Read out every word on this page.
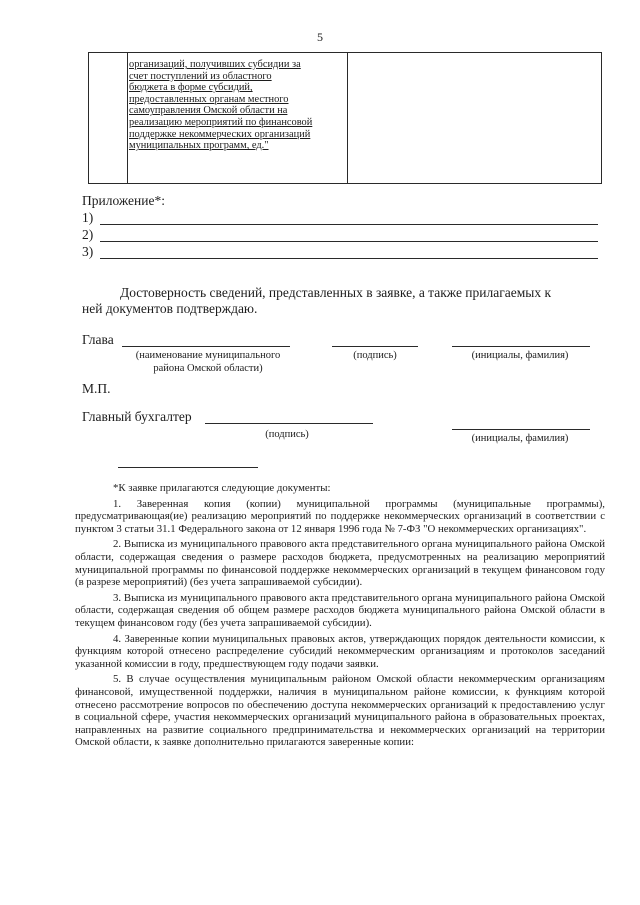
5
организаций, получивших субсидии за
счет поступлений из областного
бюджета в форме субсидий,
предоставленных органам местного
самоуправления Омской области на
реализацию мероприятий по финансовой
поддержке некоммерческих организаций
муниципальных программ, ед."
Приложение*:
1)
2)
3)
Достоверность сведений, представленных в заявке, а также прилагаемых к
ней документов подтверждаю.
Глава
(наименование муниципального
района Омской области)
(подпись)	(инициалы, фамилия)
М.П.
Главный бухгалтер
(подпись)	(инициалы, фамилия)

*К заявке прилагаются следующие документы:

1. Заверенная копия (копии) муниципальной программы (муниципальные программы), предусматривающая(ие) реализацию мероприятий по поддержке некоммерческих организаций в соответствии с пунктом 3 статьи 31.1 Федерального закона от 12 января 1996 года № 7-ФЗ "О некоммерческих организациях".

2. Выписка из муниципального правового акта представительного органа муниципального района Омской области, содержащая сведения о размере расходов бюджета, предусмотренных на реализацию мероприятий муниципальной программы по финансовой поддержке некоммерческих организаций в текущем финансовом году (в разрезе мероприятий) (без учета запрашиваемой субсидии).

3. Выписка из муниципального правового акта представительного органа муниципального района Омской области, содержащая сведения об общем размере расходов бюджета муниципального района Омской области в текущем финансовом году (без учета запрашиваемой субсидии).

4. Заверенные копии муниципальных правовых актов, утверждающих порядок деятельности комиссии, к функциям которой отнесено распределение субсидий некоммерческим организациям и протоколов заседаний указанной комиссии в году, предшествующем году подачи заявки.

5. В случае осуществления муниципальным районом Омской области некоммерческим организациям финансовой, имущественной поддержки, наличия в муниципальном районе комиссии, к функциям которой отнесено рассмотрение вопросов по обеспечению доступа некоммерческих организаций к предоставлению услуг в социальной сфере, участия некоммерческих организаций муниципального района в образовательных проектах, направленных на развитие социального предпринимательства и некоммерческих организаций на территории Омской области, к заявке дополнительно прилагаются заверенные копии:
